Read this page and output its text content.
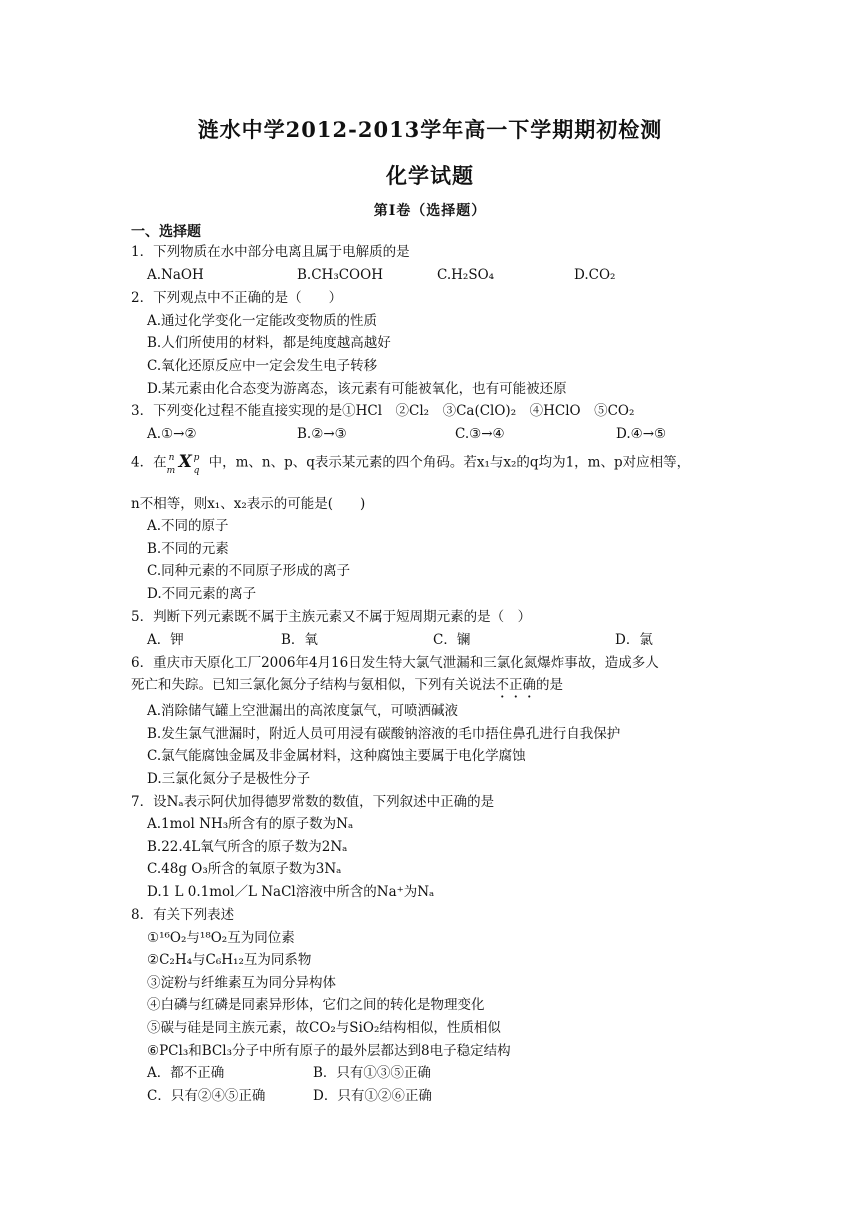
涟水中学2012-2013学年高一下学期期初检测
化学试题
第Ⅰ卷（选择题）
一、选择题
1．下列物质在水中部分电离且属于电解质的是
A.NaOH	B.CH₃COOH	C.H₂SO₄	D.CO₂
2．下列观点中不正确的是（　　）
A.通过化学变化一定能改变物质的性质
B.人们所使用的材料，都是纯度越高越好
C.氧化还原反应中一定会发生电子转移
D.某元素由化合态变为游离态，该元素有可能被氧化，也有可能被还原
3．下列变化过程不能直接实现的是①HCl　②Cl₂　③Ca(ClO)₂　④HClO　⑤CO₂
A.①→②	B.②→③	C.③→④	D.④→⑤
4．在 n
m X p
q
中，m、n、p、q表示某元素的四个角码。若x₁与x₂的q均为1，m、p对应相等，
n不相等，则x₁、x₂表示的可能是(　　)
A.不同的原子
B.不同的元素
C.同种元素的不同原子形成的离子
D.不同元素的离子
5．判断下列元素既不属于主族元素又不属于短周期元素的是（　）
A．钾	B．氧	C．镧	D．氯
6．重庆市天原化工厂2006年4月16日发生特大氯气泄漏和三氯化氮爆炸事故，造成多人
死亡和失踪。已知三氯化氮分子结构与氨相似，下列有关说法不正确的是
A.消除储气罐上空泄漏出的高浓度氯气，可喷洒碱液
B.发生氯气泄漏时，附近人员可用浸有碳酸钠溶液的毛巾捂住鼻孔进行自我保护
C.氯气能腐蚀金属及非金属材料，这种腐蚀主要属于电化学腐蚀
D.三氯化氮分子是极性分子
7．设Nₐ表示阿伏加得德罗常数的数值，下列叙述中正确的是
A.1mol NH₃所含有的原子数为Nₐ
B.22.4L氧气所含的原子数为2Nₐ
C.48g O₃所含的氧原子数为3Nₐ
D.1 L 0.1mol／L NaCl溶液中所含的Na⁺为Nₐ
8．有关下列表述
①¹⁶O₂与¹⁸O₂互为同位素
②C₂H₄与C₆H₁₂互为同系物
③淀粉与纤维素互为同分异构体
④白磷与红磷是同素异形体，它们之间的转化是物理变化
⑤碳与硅是同主族元素，故CO₂与SiO₂结构相似，性质相似
⑥PCl₃和BCl₃分子中所有原子的最外层都达到8电子稳定结构
A．都不正确	B．只有①③⑤正确
C．只有②④⑤正确	D．只有①②⑥正确
